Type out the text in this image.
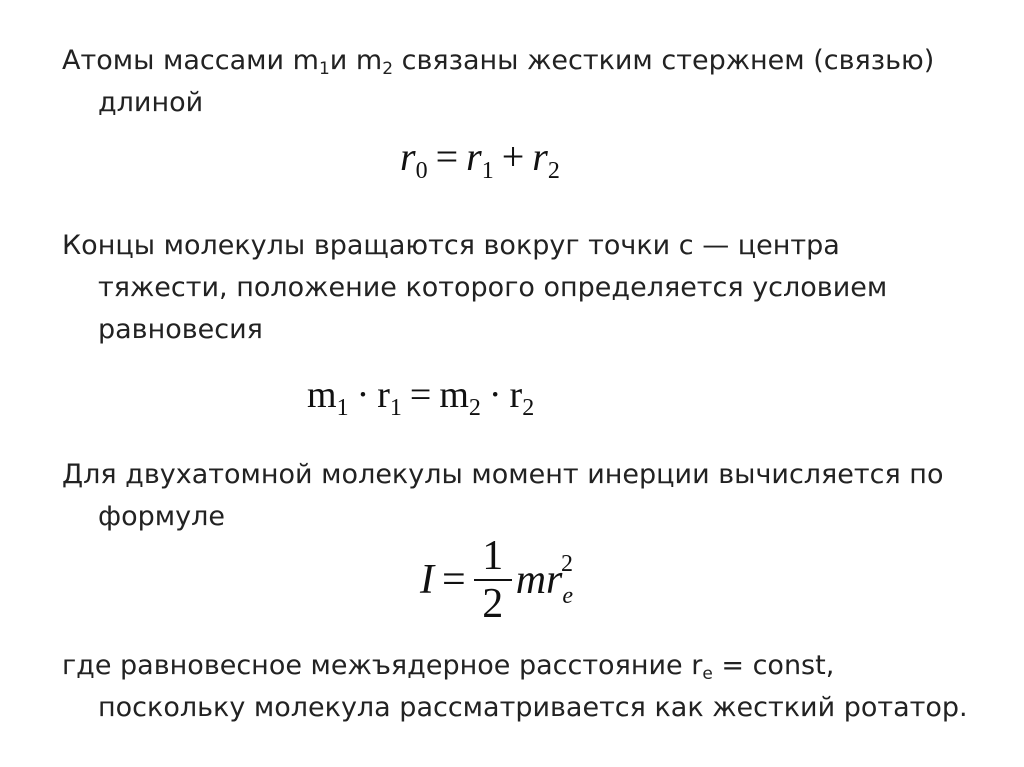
Атомы массами m1и m2 связаны жестким стержнем (связью)
длиной
$r_0 = r_1 + r_2$
Концы молекулы вращаются вокруг точки с — центра
тяжести, положение которого определяется условием
равновесия
$m_1 \cdot r_1 = m_2 \cdot r_2$
Для двухатомной молекулы момент инерции вычисляется по
формуле
$I = \frac{1}{2} mr_e^2$
где равновесное межъядерное расстояние re = const,
поскольку молекула рассматривается как жесткий ротатор.
